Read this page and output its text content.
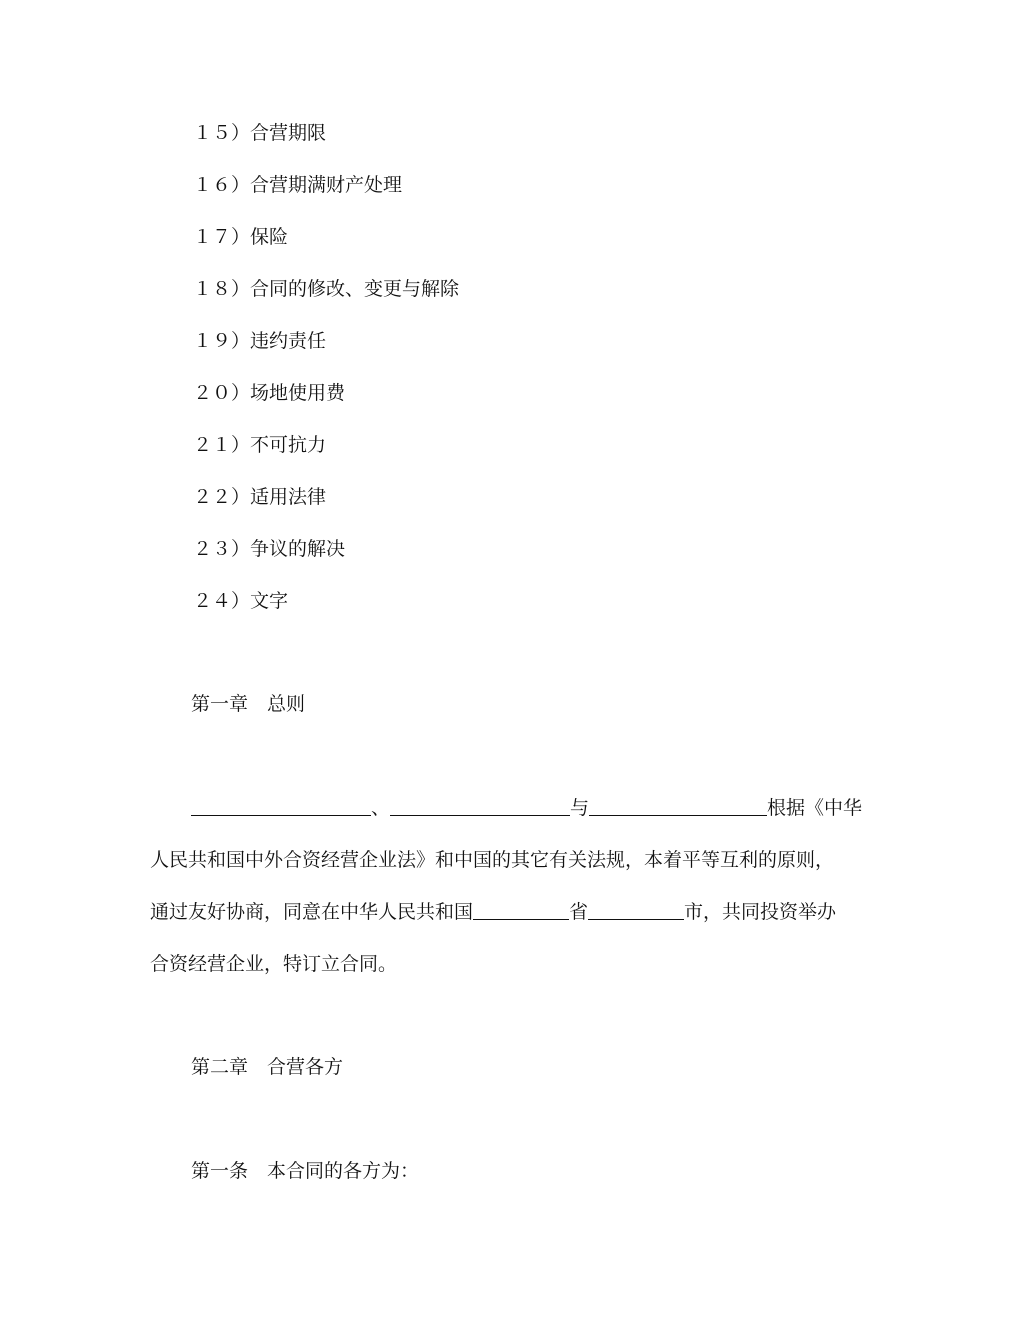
１５）合营期限
１６）合营期满财产处理
１７）保险
１８）合同的修改、变更与解除
１９）违约责任
２０）场地使用费
２１）不可抗力
２２）适用法律
２３）争议的解决
２４）文字
第一章　总则
、	与	根据《中华
人民共和国中外合资经营企业法》和中国的其它有关法规，本着平等互利的原则，
通过友好协商，同意在中华人民共和国	省	市，共同投资举办
合资经营企业，特订立合同。
第二章　合营各方
第一条　本合同的各方为：
